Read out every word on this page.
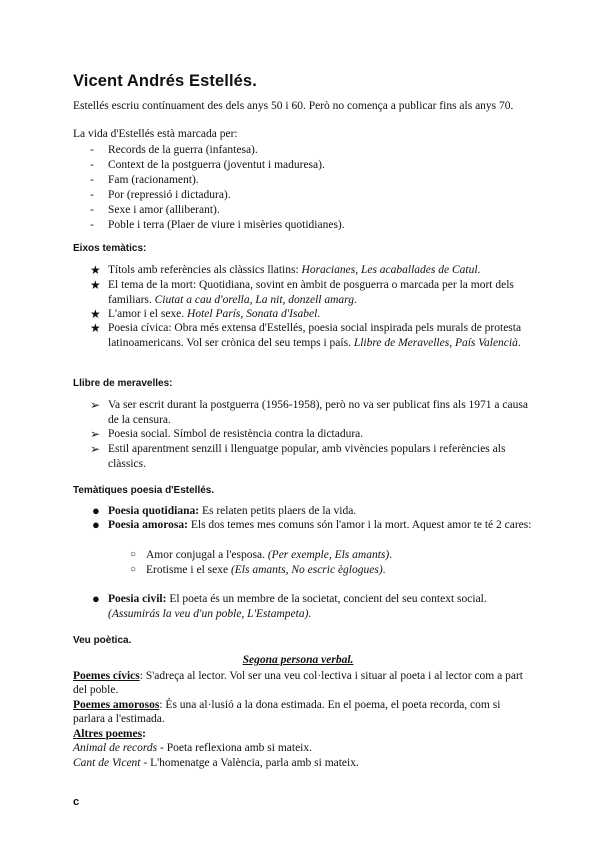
Vicent Andrés Estellés.

Estellés escriu contínuament des dels anys 50 i 60. Però no comença a publicar fins als anys 70.

La vida d'Estellés està marcada per:

- Records de la guerra (infantesa).
- Context de la postguerra (joventut i maduresa).
- Fam (racionament).
- Por (repressió i dictadura).
- Sexe i amor (alliberant).
- Poble i terra (Plaer de viure i misèries quotidianes).

Eixos temàtics:

★ Títols amb referències als clàssics llatins: Horacianes, Les acaballades de Catul.
★ El tema de la mort: Quotidiana, sovint en àmbit de posguerra o marcada per la mort dels familiars. Ciutat a cau d'orella, La nit, donzell amarg.
★ L'amor i el sexe. Hotel París, Sonata d'Isabel.
★ Poesia cívica: Obra més extensa d'Estellés, poesia social inspirada pels murals de protesta latinoamericans. Vol ser crònica del seu temps i país. Llibre de Meravelles, País Valencià.

Llibre de meravelles:

➢ Va ser escrit durant la postguerra (1956-1958), però no va ser publicat fins als 1971 a causa de la censura.
➢ Poesia social. Símbol de resistència contra la dictadura.
➢ Estil aparentment senzill i llenguatge popular, amb vivències populars i referències als clàssics.

Temàtiques poesia d'Estellés.

● Poesia quotidiana: Es relaten petits plaers de la vida.
● Poesia amorosa: Els dos temes mes comuns són l'amor i la mort. Aquest amor te té 2 cares:
○ Amor conjugal a l'esposa. (Per exemple, Els amants).
○ Erotisme i el sexe (Els amants, No escric èglogues).
● Poesia civil: El poeta és un membre de la societat, concient del seu context social. (Assumirás la veu d'un poble, L'Estampeta).

Veu poètica.

Segona persona verbal.

Poemes cívics: S'adreça al lector. Vol ser una veu col·lectiva i situar al poeta i al lector com a part del poble.

Poemes amorosos: És una al·lusió a la dona estimada. En el poema, el poeta recorda, com si parlara a l'estimada.

Altres poemes:

Animal de records - Poeta reflexiona amb si mateix.

Cant de Vicent - L'homenatge a València, parla amb si mateix.

c
